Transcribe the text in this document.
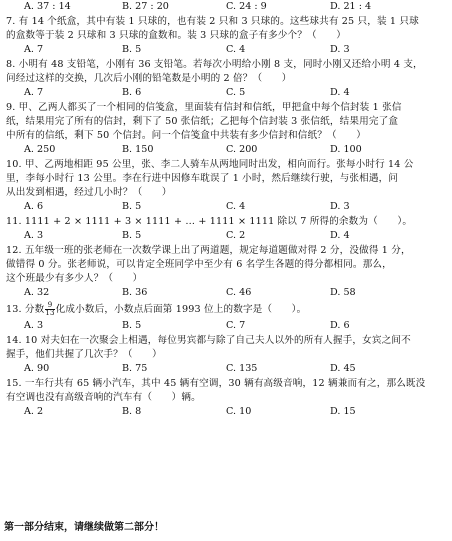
A. 37 : 14	B. 27 : 20	C. 24 : 9	D. 21 : 4
7. 有 14 个纸盒，其中有装 1 只球的，也有装 2 只和 3 只球的。这些球共有 25 只，装 1 只球
的盒数等于装 2 只球和 3 只球的盒数和。装 3 只球的盒子有多少个？（　　）
A. 7	B. 5	C. 4	D. 3
8. 小明有 48 支铅笔，小刚有 36 支铅笔。若每次小明给小刚 8 支，同时小刚又还给小明 4 支，
问经过这样的交换，几次后小刚的铅笔数是小明的 2 倍？（　　）
A. 7	B. 6	C. 5	D. 4
9. 甲、乙两人都买了一个相同的信笺盒，里面装有信封和信纸，甲把盒中每个信封装 1 张信
纸，结果用完了所有的信封，剩下了 50 张信纸；乙把每个信封装 3 张信纸，结果用完了盒
中所有的信纸，剩下 50 个信封。问一个信笺盒中共装有多少信封和信纸？（　　）
A. 250	B. 150	C. 200	D. 100
10. 甲、乙两地相距 95 公里，张、李二人骑车从两地同时出发，相向而行。张每小时行 14 公
里，李每小时行 13 公里。李在行进中因修车耽误了 1 小时，然后继续行驶，与张相遇，问
从出发到相遇，经过几小时？（　　）
A. 6	B. 5	C. 4	D. 3
11. 1111 + 2 × 1111 + 3 × 1111 + … + 1111 × 1111 除以 7 所得的余数为（　　）。
A. 3	B. 5	C. 2	D. 4
12. 五年级一班的张老师在一次数学课上出了两道题，规定每道题做对得 2 分，没做得 1 分，
做错得 0 分。张老师说，可以肯定全班同学中至少有 6 名学生各题的得分都相同。那么，
这个班最少有多少人？（　　）
A. 32	B. 36	C. 46	D. 58
13. 分数 $\frac{9}{13}$ 化成小数后，小数点后面第 1993 位上的数字是（　　）。
A. 3	B. 5	C. 7	D. 6
14. 10 对夫妇在一次聚会上相遇，每位男宾都与除了自己夫人以外的所有人握手，女宾之间不
握手，他们共握了几次手？（　　）
A. 90	B. 75	C. 135	D. 45
15. 一车行共有 65 辆小汽车，其中 45 辆有空调，30 辆有高级音响，12 辆兼而有之，那么既没
有空调也没有高级音响的汽车有（　　）辆。
A. 2	B. 8	C. 10	D. 15
第一部分结束，请继续做第二部分！
